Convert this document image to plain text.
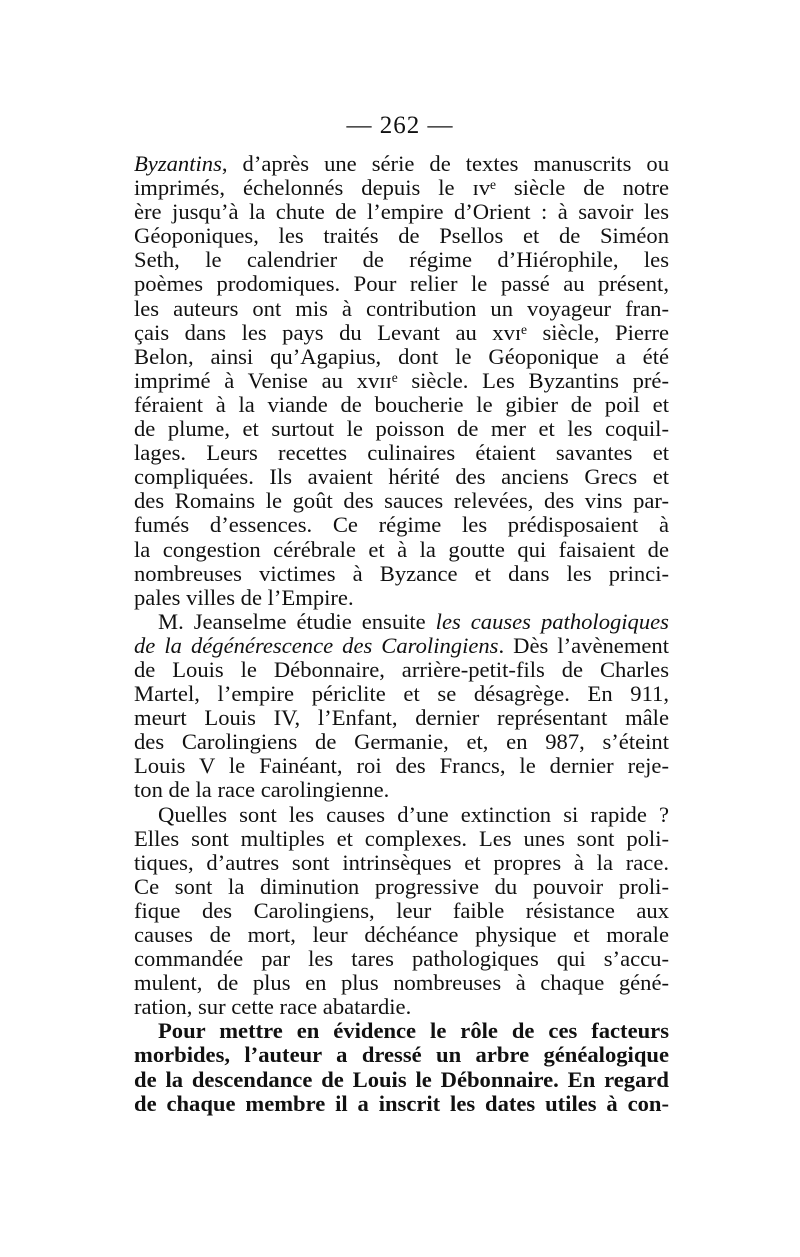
— 262 —
Byzantins, d’après une série de textes manuscrits ou
imprimés, échelonnés depuis le ɪvᵉ siècle de notre
ère jusqu’à la chute de l’empire d’Orient : à savoir les
Géoponiques, les traités de Psellos et de Siméon
Seth, le calendrier de régime d’Hiérophile, les
poèmes prodomiques. Pour relier le passé au présent,
les auteurs ont mis à contribution un voyageur fran-
çais dans les pays du Levant au xvɪᵉ siècle, Pierre
Belon, ainsi qu’Agapius, dont le Géoponique a été
imprimé à Venise au xvɪɪᵉ siècle. Les Byzantins pré-
féraient à la viande de boucherie le gibier de poil et
de plume, et surtout le poisson de mer et les coquil-
lages. Leurs recettes culinaires étaient savantes et
compliquées. Ils avaient hérité des anciens Grecs et
des Romains le goût des sauces relevées, des vins par-
fumés d’essences. Ce régime les prédisposaient à
la congestion cérébrale et à la goutte qui faisaient de
nombreuses victimes à Byzance et dans les princi-
pales villes de l’Empire.
M. Jeanselme étudie ensuite les causes pathologiques
de la dégénérescence des Carolingiens. Dès l’avènement
de Louis le Débonnaire, arrière-petit-fils de Charles
Martel, l’empire périclite et se désagrège. En 911,
meurt Louis IV, l’Enfant, dernier représentant mâle
des Carolingiens de Germanie, et, en 987, s’éteint
Louis V le Fainéant, roi des Francs, le dernier reje-
ton de la race carolingienne.
Quelles sont les causes d’une extinction si rapide ?
Elles sont multiples et complexes. Les unes sont poli-
tiques, d’autres sont intrinsèques et propres à la race.
Ce sont la diminution progressive du pouvoir proli-
fique des Carolingiens, leur faible résistance aux
causes de mort, leur déchéance physique et morale
commandée par les tares pathologiques qui s’accu-
mulent, de plus en plus nombreuses à chaque géné-
ration, sur cette race abatardie.
Pour mettre en évidence le rôle de ces facteurs
morbides, l’auteur a dressé un arbre généalogique
de la descendance de Louis le Débonnaire. En regard
de chaque membre il a inscrit les dates utiles à con-
